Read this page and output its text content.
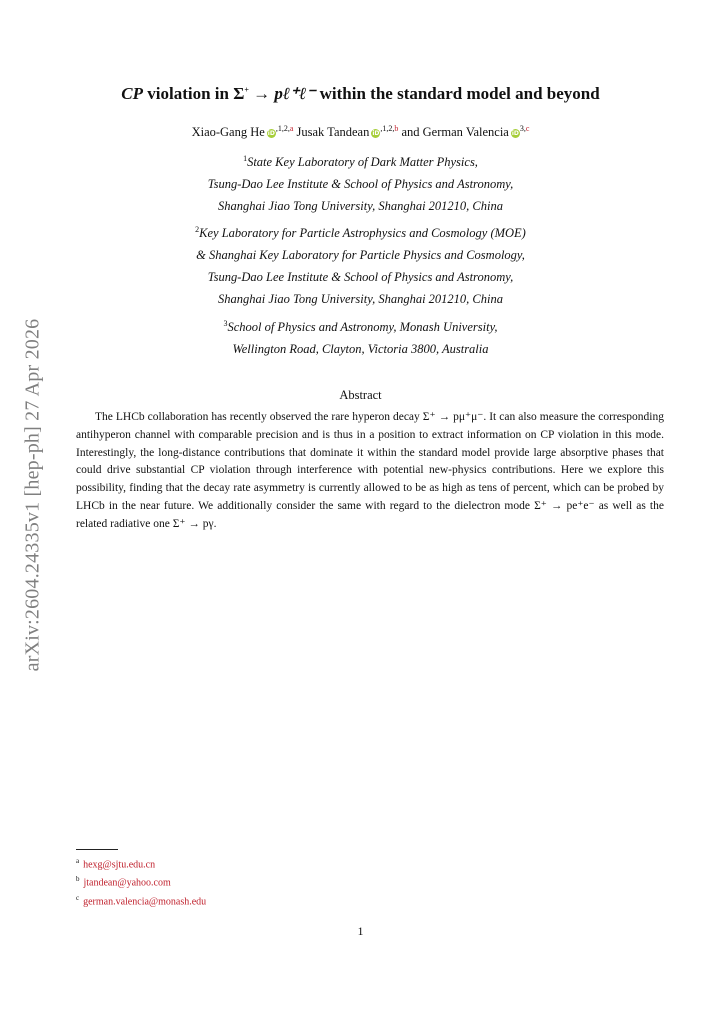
arXiv:2604.24335v1 [hep-ph] 27 Apr 2026
CP violation in Σ+ → pℓ⁺ℓ⁻ within the standard model and beyond
Xiao-Gang He $iD^{,1,2,a}$ Jusak Tandean $iD^{,1,2,b}$ and German Valencia iD$^{3,c}$
$^1$State Key Laboratory of Dark Matter Physics,
Tsung-Dao Lee Institute & School of Physics and Astronomy,
Shanghai Jiao Tong University, Shanghai 201210, China
$^2$Key Laboratory for Particle Astrophysics and Cosmology (MOE)
& Shanghai Key Laboratory for Particle Physics and Cosmology,
Tsung-Dao Lee Institute & School of Physics and Astronomy,
Shanghai Jiao Tong University, Shanghai 201210, China
$^3$School of Physics and Astronomy, Monash University,
Wellington Road, Clayton, Victoria 3800, Australia
Abstract

The LHCb collaboration has recently observed the rare hyperon decay Σ⁺ → pμ⁺μ⁻. It can also measure the corresponding antihyperon channel with comparable precision and is thus in a position to extract information on CP violation in this mode. Interestingly, the long-distance contributions that dominate it within the standard model provide large absorptive phases that could drive substantial CP violation through interference with potential new-physics contributions. Here we explore this possibility, finding that the decay rate asymmetry is currently allowed to be as high as tens of percent, which can be probed by LHCb in the near future. We additionally consider the same with regard to the dielectron mode Σ⁺ → pe⁺e⁻ as well as the related radiative one Σ⁺ → pγ.

$^a$ hexg@sjtu.edu.cn
$^b$ jtandean@yahoo.com
$^c$ german.valencia@monash.edu
1
